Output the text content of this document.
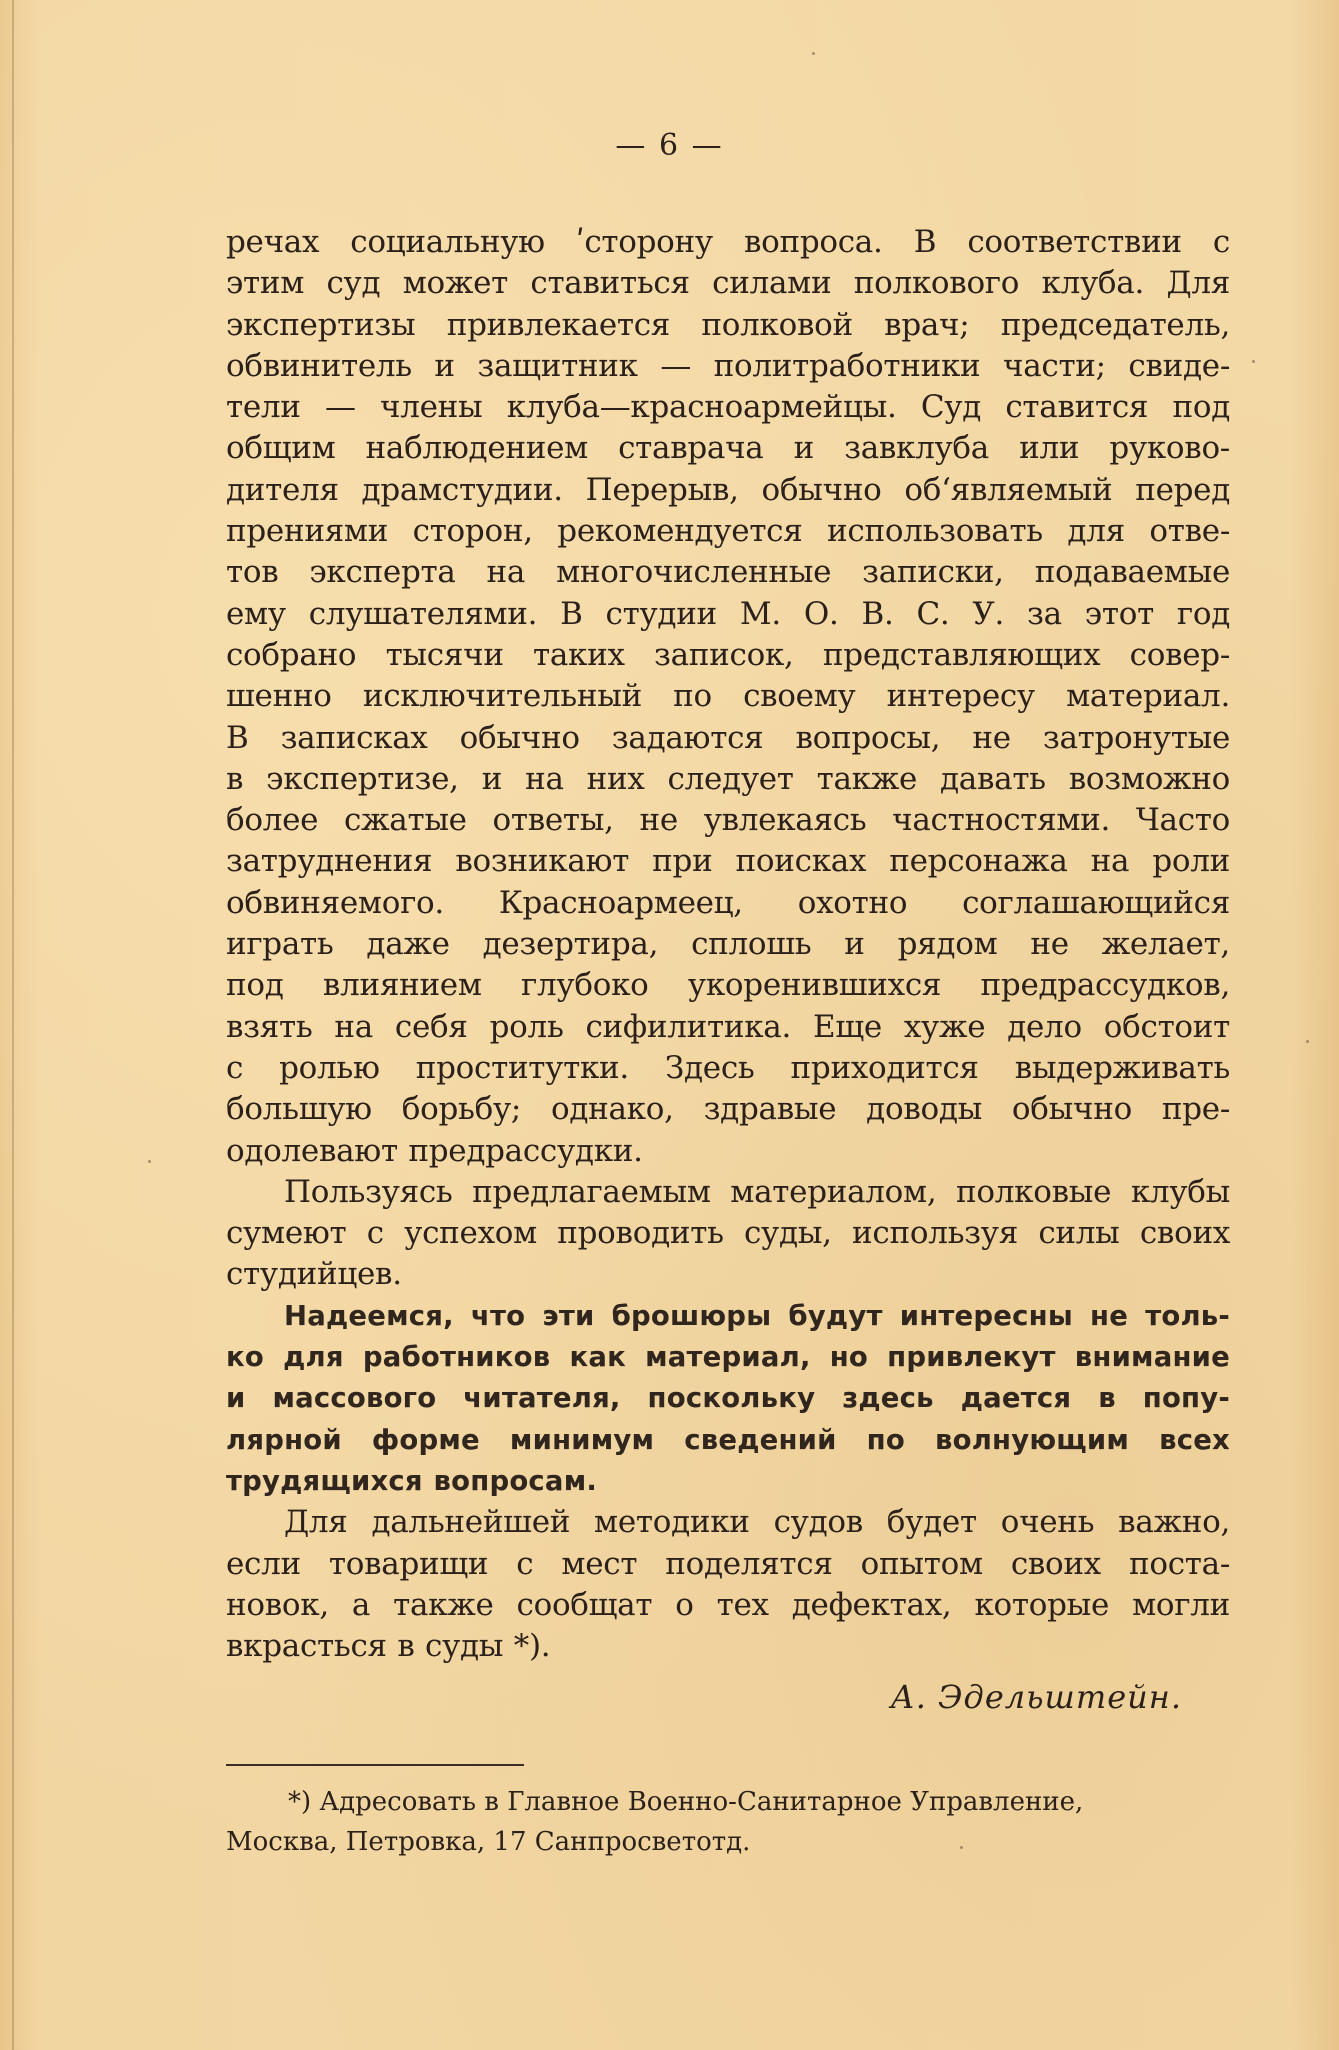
— 6 —

речах социальную ʹсторону вопроса. В соответствии с
этим суд может ставиться силами полкового клуба. Для
экспертизы привлекается полковой врач; председатель,
обвинитель и защитник — политработники части; свиде-
тели — члены клуба—красноармейцы. Суд ставится под
общим наблюдением ставрача и завклуба или руково-
дителя драмстудии. Перерыв, обычно об‘являемый перед
прениями сторон, рекомендуется использовать для отве-
тов эксперта на многочисленные записки, подаваемые
ему слушателями. В студии М. О. В. С. У. за этот год
собрано тысячи таких записок, представляющих совер-
шенно исключительный по своему интересу материал.
В записках обычно задаются вопросы, не затронутые
в экспертизе, и на них следует также давать возможно
более сжатые ответы, не увлекаясь частностями. Часто
затруднения возникают при поисках персонажа на роли
обвиняемого. Красноармеец, охотно соглашающийся
играть даже дезертира, сплошь и рядом не желает,
под влиянием глубоко укоренившихся предрассудков,
взять на себя роль сифилитика. Еще хуже дело обстоит
с ролью проститутки. Здесь приходится выдерживать
большую борьбу; однако, здравые доводы обычно пре-
одолевают предрассудки.

Пользуясь предлагаемым материалом, полковые клубы
сумеют с успехом проводить суды, используя силы своих
студийцев.

Надеемся, что эти брошюры будут интересны не толь-
ко для работников как материал, но привлекут внимание
и массового читателя, поскольку здесь дается в попу-
лярной форме минимум сведений по волнующим всех
трудящихся вопросам.

Для дальнейшей методики судов будет очень важно,
если товарищи с мест поделятся опытом своих поста-
новок, а также сообщат о тех дефектах, которые могли
вкрасться в суды *).

А. Эдельштейн.
*) Адресовать в Главное Военно-Санитарное Управление,
Москва, Петровка, 17 Санпросветотд.
